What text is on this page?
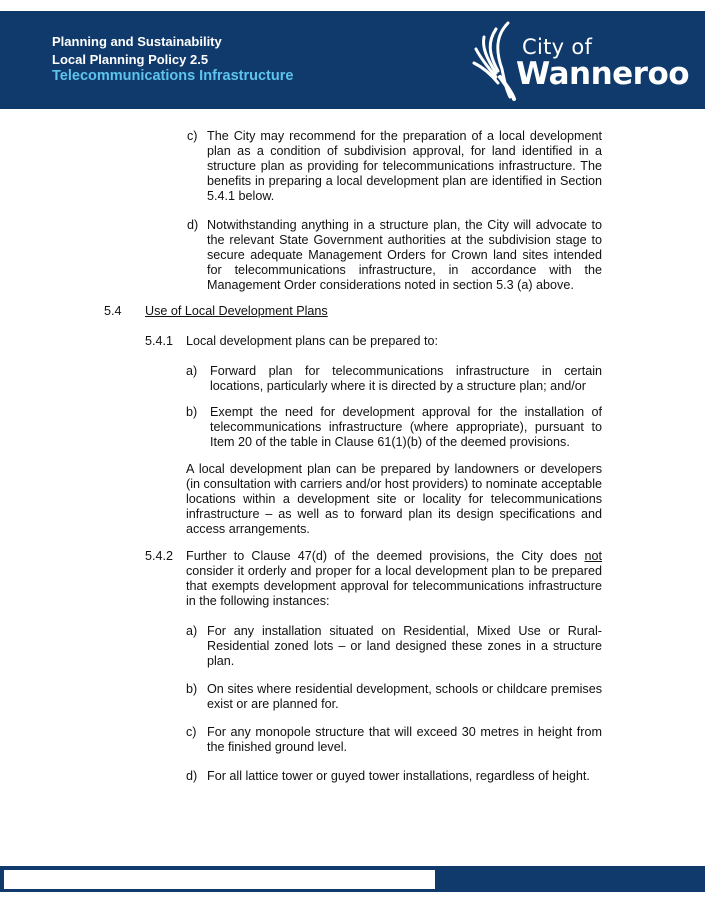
Planning and Sustainability
Local Planning Policy 2.5
Telecommunications Infrastructure
City of
Wanneroo
c) The City may recommend for the preparation of a local development plan as a condition of subdivision approval, for land identified in a structure plan as providing for telecommunications infrastructure. The benefits in preparing a local development plan are identified in Section 5.4.1 below.

d) Notwithstanding anything in a structure plan, the City will advocate to the relevant State Government authorities at the subdivision stage to secure adequate Management Orders for Crown land sites intended for telecommunications infrastructure, in accordance with the Management Order considerations noted in section 5.3 (a) above.

5.4 Use of Local Development Plans
5.4.1 Local development plans can be prepared to:
a) Forward plan for telecommunications infrastructure in certain locations, particularly where it is directed by a structure plan; and/or

b) Exempt the need for development approval for the installation of telecommunications infrastructure (where appropriate), pursuant to Item 20 of the table in Clause 61(1)(b) of the deemed provisions.

A local development plan can be prepared by landowners or developers (in consultation with carriers and/or host providers) to nominate acceptable locations within a development site or locality for telecommunications infrastructure – as well as to forward plan its design specifications and access arrangements.

5.4.2 Further to Clause 47(d) of the deemed provisions, the City does not consider it orderly and proper for a local development plan to be prepared that exempts development approval for telecommunications infrastructure in the following instances:

a) For any installation situated on Residential, Mixed Use or Rural-Residential zoned lots – or land designed these zones in a structure plan.

b) On sites where residential development, schools or childcare premises exist or are planned for.

c) For any monopole structure that will exceed 30 metres in height from the finished ground level.

d) For all lattice tower or guyed tower installations, regardless of height.
